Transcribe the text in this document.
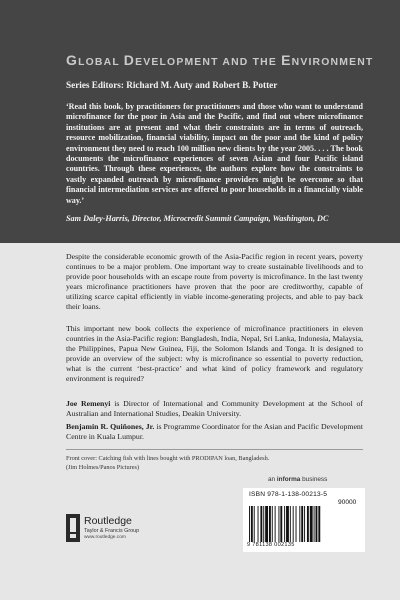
GLOBAL DEVELOPMENT AND THE ENVIRONMENT
Series Editors: Richard M. Auty and Robert B. Potter

‘Read this book, by practitioners for practitioners and those who want to understand microfinance for the poor in Asia and the Pacific, and find out where microfinance institutions are at present and what their constraints are in terms of outreach, resource mobilization, financial viability, impact on the poor and the kind of policy environment they need to reach 100 million new clients by the year 2005. . . . The book documents the microfinance experiences of seven Asian and four Pacific island countries. Through these experiences, the authors explore how the constraints to vastly expanded outreach by microfinance providers might be overcome so that financial intermediation services are offered to poor households in a financially viable way.’

Sam Daley-Harris, Director, Microcredit Summit Campaign, Washington, DC

Despite the considerable economic growth of the Asia-Pacific region in recent years, poverty continues to be a major problem. One important way to create sustainable livelihoods and to provide poor households with an escape route from poverty is microfinance. In the last twenty years microfinance practitioners have proven that the poor are creditworthy, capable of utilizing scarce capital efficiently in viable income-generating projects, and able to pay back their loans.

This important new book collects the experience of microfinance practitioners in eleven countries in the Asia-Pacific region: Bangladesh, India, Nepal, Sri Lanka, Indonesia, Malaysia, the Philippines, Papua New Guinea, Fiji, the Solomon Islands and Tonga. It is designed to provide an overview of the subject: why is microfinance so essential to poverty reduction, what is the current ‘best-practice’ and what kind of policy framework and regulatory environment is required?

Joe Remenyi is Director of International and Community Development at the School of Australian and International Studies, Deakin University.

Benjamin R. Quiñones, Jr. is Programme Coordinator for the Asian and Pacific Development Centre in Kuala Lumpur.

Front cover: Catching fish with lines bought with PRODIPAN loan, Bangladesh.
(Jim Holmes/Panos Pictures)

Routledge
Taylor & Francis Group
www.routledge.com
an informa business
ISBN 978-1-138-00213-5
90000
9 781138 002135
